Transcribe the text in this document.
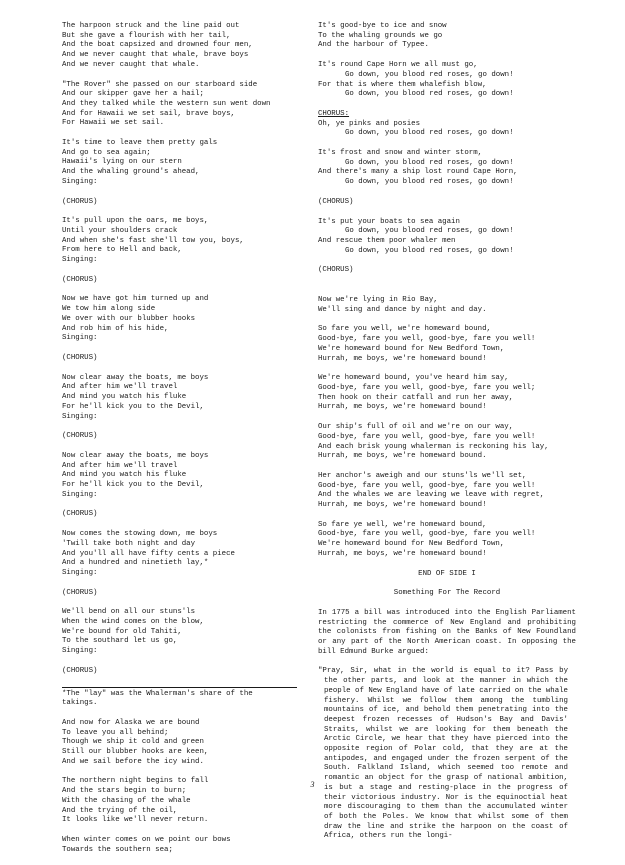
The harpoon struck and the line paid out
But she gave a flourish with her tail,
And the boat capsized and drowned four men,
And we never caught that whale, brave boys
And we never caught that whale.
"The Rover" she passed on our starboard side
And our skipper gave her a hail;
And they talked while the western sun went down
And for Hawaii we set sail, brave boys,
For Hawaii we set sail.
It's time to leave them pretty gals
And go to sea again;
Hawaii's lying on our stern
And the whaling ground's ahead,
Singing:
(CHORUS)
It's pull upon the oars, me boys,
Until your shoulders crack
And when she's fast she'll tow you, boys,
From here to Hell and back,
Singing:
(CHORUS)
Now we have got him turned up and
We tow him along side
We over with our blubber hooks
And rob him of his hide,
Singing:
(CHORUS)
Now clear away the boats, me boys
And after him we'll travel
And mind you watch his fluke
For he'll kick you to the Devil,
Singing:
(CHORUS)
Now clear away the boats, me boys
And after him we'll travel
And mind you watch his fluke
For he'll kick you to the Devil,
Singing:
(CHORUS)
Now comes the stowing down, me boys
'Twill take both night and day
And you'll all have fifty cents a piece
And a hundred and ninetieth lay,*
Singing:
(CHORUS)
We'll bend on all our stuns'ls
When the wind comes on the blow,
We're bound for old Tahiti,
To the southard let us go,
Singing:
(CHORUS)
*The "lay" was the Whalerman's share of the
takings.
And now for Alaska we are bound
To leave you all behind;
Though we ship it cold and green
Still our blubber hooks are keen,
And we sail before the icy wind.
The northern night begins to fall
And the stars begin to burn;
With the chasing of the whale
And the trying of the oil,
It looks like we'll never return.
When winter comes on we point our bows
Towards the southern sea;
It's good-bye to ice and snow
To the whaling grounds we go
And the harbour of Typee.
It's round Cape Horn we all must go,
Go down, you blood red roses, go down!
For that is where them whalefish blow,
Go down, you blood red roses, go down!
CHORUS:
Oh, ye pinks and posies
Go down, you blood red roses, go down!
It's frost and snow and winter storm,
Go down, you blood red roses, go down!
And there's many a ship lost round Cape Horn,
Go down, you blood red roses, go down!
(CHORUS)
It's put your boats to sea again
Go down, you blood red roses, go down!
And rescue them poor whaler men
Go down, you blood red roses, go down!
(CHORUS)
Now we're lying in Rio Bay,
We'll sing and dance by night and day.
So fare you well, we're homeward bound,
Good-bye, fare you well, good-bye, fare you well!
We're homeward bound for New Bedford Town,
Hurrah, me boys, we're homeward bound!
We're homeward bound, you've heard him say,
Good-bye, fare you well, good-bye, fare you well;
Then hook on their catfall and run her away,
Hurrah, me boys, we're homeward bound!
Our ship's full of oil and we're on our way,
Good-bye, fare you well, good-bye, fare you well!
And each brisk young whalerman is reckoning his lay,
Hurrah, me boys, we're homeward bound.
Her anchor's aweigh and our stuns'ls we'll set,
Good-bye, fare you well, good-bye, fare you well!
And the whales we are leaving we leave with regret,
Hurrah, me boys, we're homeward bound!
So fare ye well, we're homeward bound,
Good-bye, fare you well, good-bye, fare you well!
We're homeward bound for New Bedford Town,
Hurrah, me boys, we're homeward bound!
END OF SIDE I
Something For The Record
In 1775 a bill was introduced into the English Parliament restricting the commerce of New England and prohibiting the colonists from fishing on the Banks of New Foundland or any part of the North American coast. In opposing the bill Edmund Burke argued:
"Pray, Sir, what in the world is equal to it? Pass by the other parts, and look at the manner in which the people of New England have of late carried on the whale fishery. Whilst we follow them among the tumbling mountains of ice, and behold them penetrating into the deepest frozen recesses of Hudson's Bay and Davis' Straits, whilst we are looking for them beneath the Arctic Circle, we hear that they have pierced into the opposite region of Polar cold, that they are at the antipodes, and engaged under the frozen serpent of the South. Falkland Island, which seemed too remote and romantic an object for the grasp of national ambition, is but a stage and resting-place in the progress of their victorious industry. Nor is the equinoctial heat more discouraging to them than the accumulated winter of both the Poles. We know that whilst some of them draw the line and strike the harpoon on the coast of Africa, others run the longi-
3
